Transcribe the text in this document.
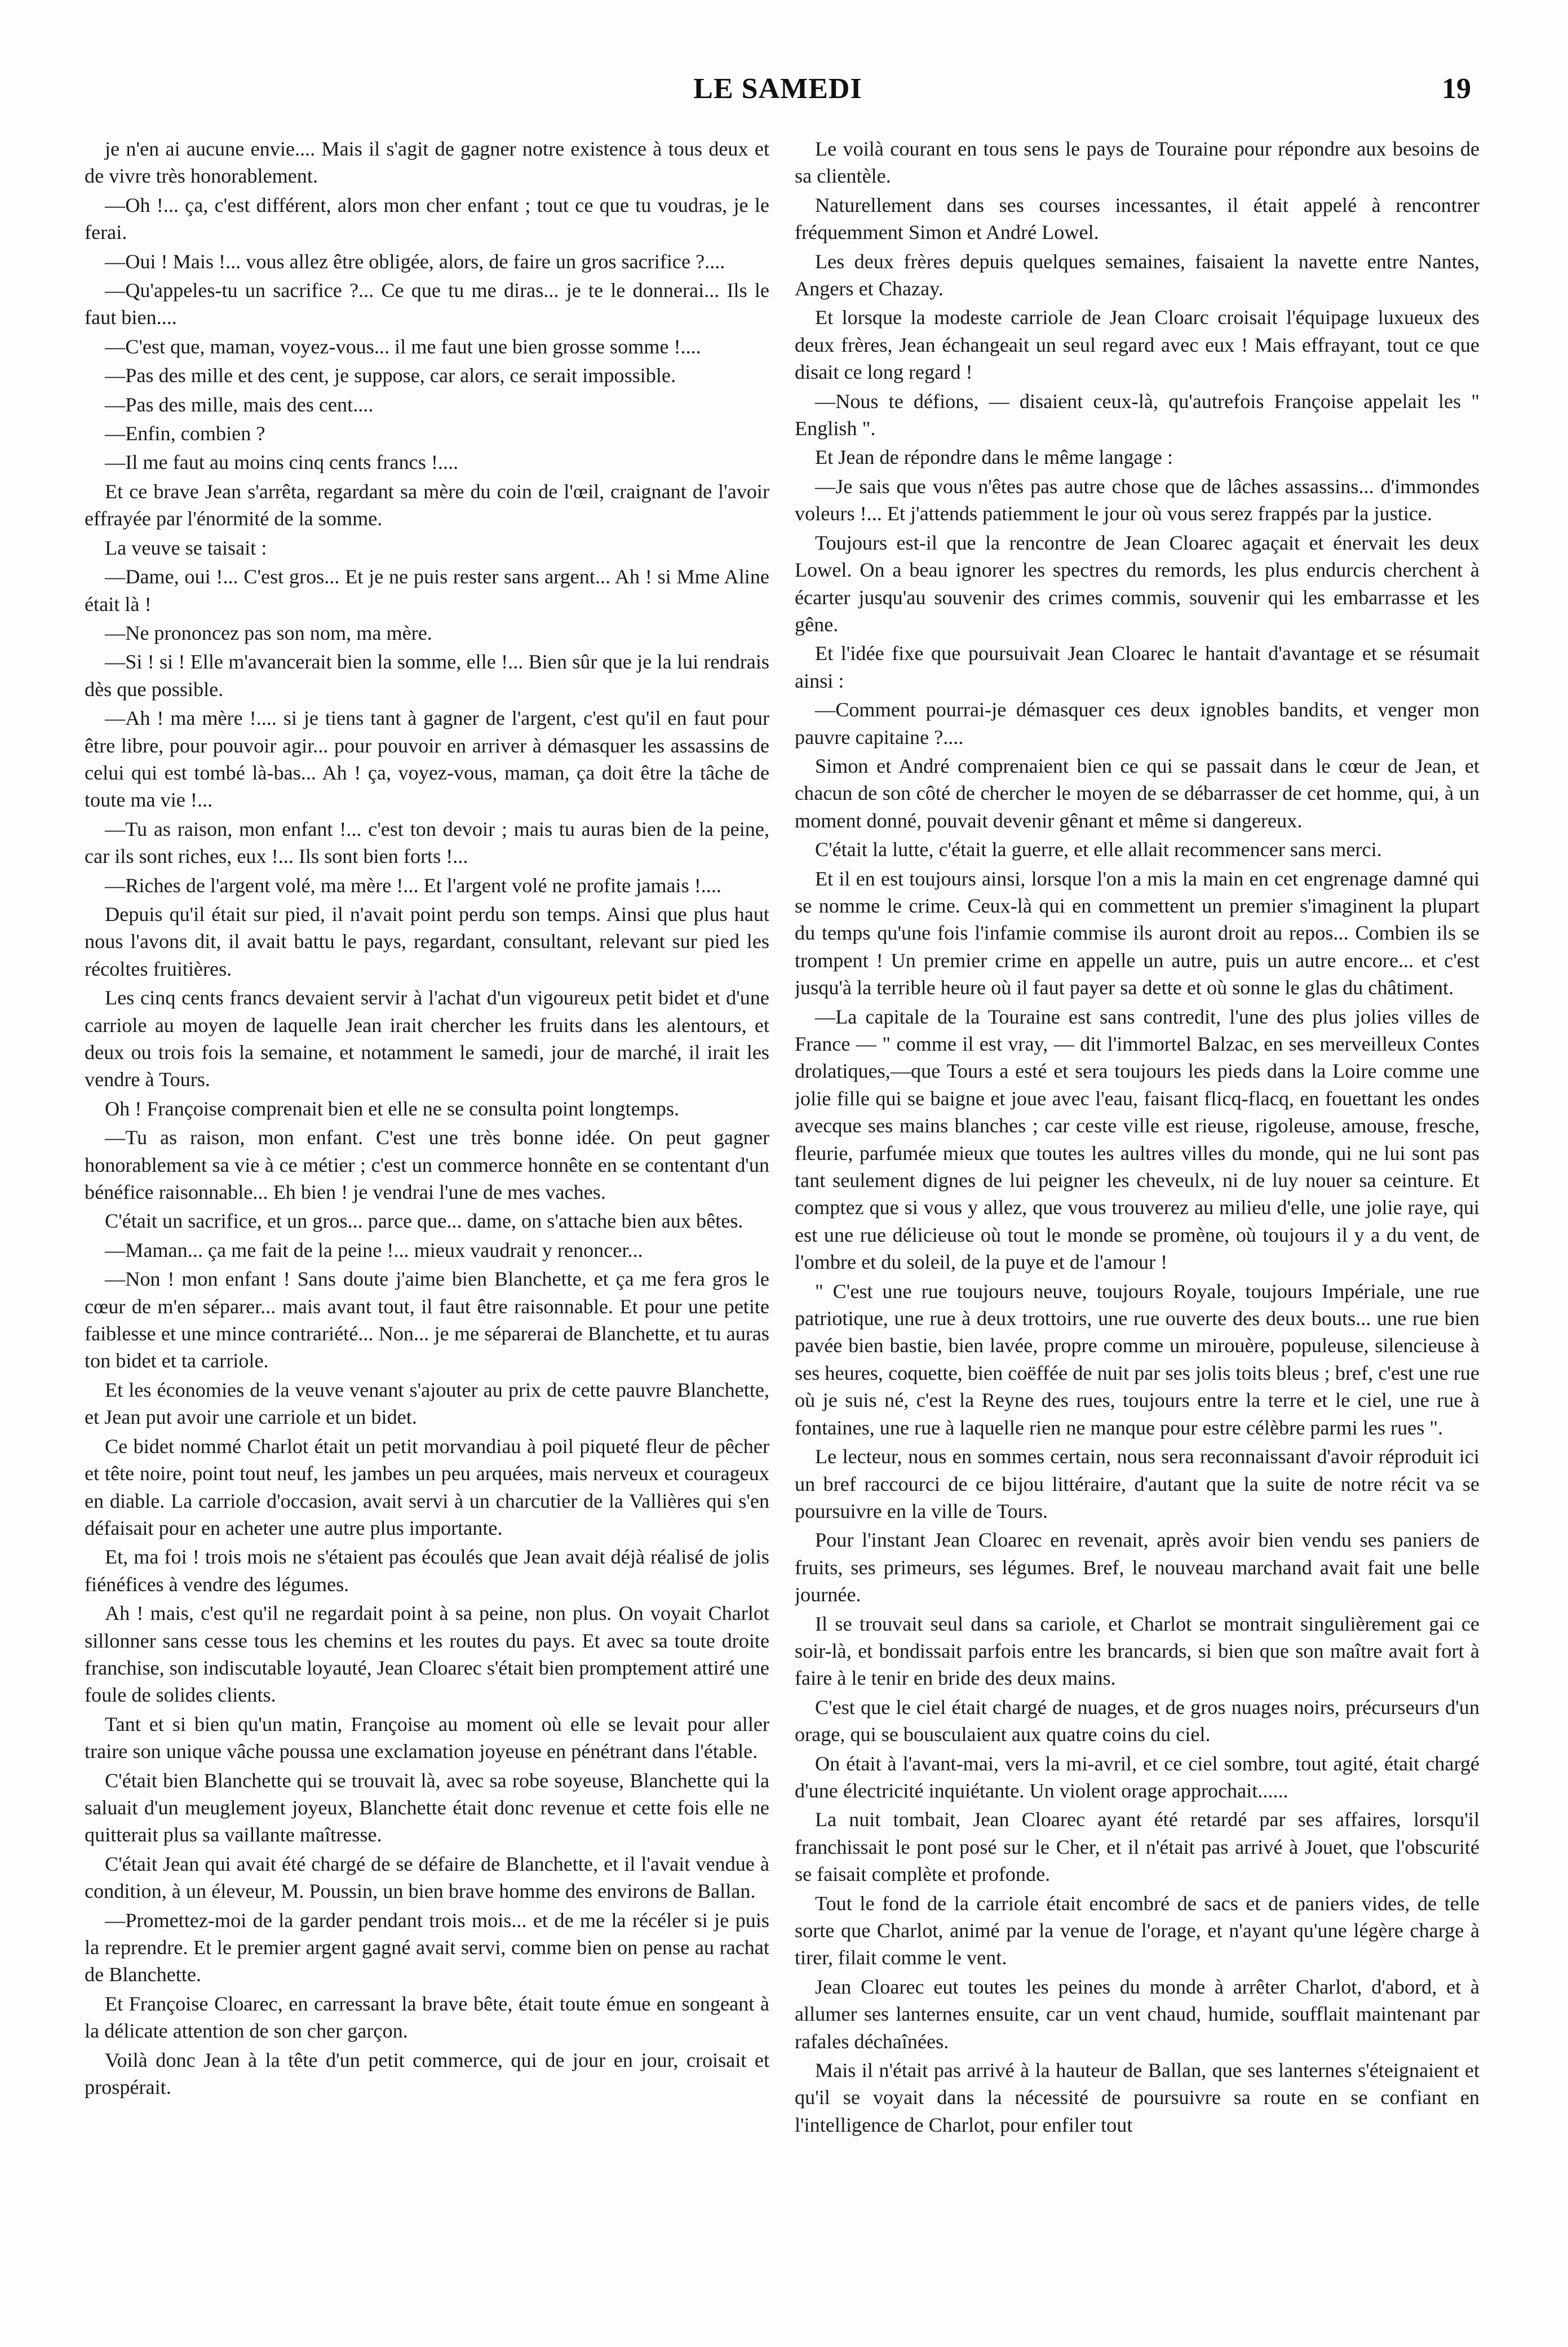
LE SAMEDI	19

je n'en ai aucune envie.... Mais il s'agit de gagner notre existence à tous deux et de vivre très honorablement.

—Oh !... ça, c'est différent, alors mon cher enfant ; tout ce que tu voudras, je le ferai.

—Oui ! Mais !... vous allez être obligée, alors, de faire un gros sacrifice ?....

—Qu'appeles-tu un sacrifice ?... Ce que tu me diras... je te le donnerai... Ils le faut bien....

—C'est que, maman, voyez-vous... il me faut une bien grosse somme !....

—Pas des mille et des cent, je suppose, car alors, ce serait impossible.

—Pas des mille, mais des cent....

—Enfin, combien ?

—Il me faut au moins cinq cents francs !....

Et ce brave Jean s'arrêta, regardant sa mère du coin de l'œil, craignant de l'avoir effrayée par l'énormité de la somme.

La veuve se taisait :

—Dame, oui !... C'est gros... Et je ne puis rester sans argent... Ah ! si Mme Aline était là !

—Ne prononcez pas son nom, ma mère.

—Si ! si ! Elle m'avancerait bien la somme, elle !... Bien sûr que je la lui rendrais dès que possible.

—Ah ! ma mère !.... si je tiens tant à gagner de l'argent, c'est qu'il en faut pour être libre, pour pouvoir agir... pour pouvoir en arriver à démasquer les assassins de celui qui est tombé là-bas... Ah ! ça, voyez-vous, maman, ça doit être la tâche de toute ma vie !...

—Tu as raison, mon enfant !... c'est ton devoir ; mais tu auras bien de la peine, car ils sont riches, eux !... Ils sont bien forts !...

—Riches de l'argent volé, ma mère !... Et l'argent volé ne profite jamais !....

Depuis qu'il était sur pied, il n'avait point perdu son temps. Ainsi que plus haut nous l'avons dit, il avait battu le pays, regardant, consultant, relevant sur pied les récoltes fruitières.

Les cinq cents francs devaient servir à l'achat d'un vigoureux petit bidet et d'une carriole au moyen de laquelle Jean irait chercher les fruits dans les alentours, et deux ou trois fois la semaine, et notamment le samedi, jour de marché, il irait les vendre à Tours.

Oh ! Françoise comprenait bien et elle ne se consulta point longtemps.

—Tu as raison, mon enfant. C'est une très bonne idée. On peut gagner honorablement sa vie à ce métier ; c'est un commerce honnête en se contentant d'un bénéfice raisonnable... Eh bien ! je vendrai l'une de mes vaches.

C'était un sacrifice, et un gros... parce que... dame, on s'attache bien aux bêtes.

—Maman... ça me fait de la peine !... mieux vaudrait y renoncer...

—Non ! mon enfant ! Sans doute j'aime bien Blanchette, et ça me fera gros le cœur de m'en séparer... mais avant tout, il faut être raisonnable. Et pour une petite faiblesse et une mince contrariété... Non... je me séparerai de Blanchette, et tu auras ton bidet et ta carriole.

Et les économies de la veuve venant s'ajouter au prix de cette pauvre Blanchette, et Jean put avoir une carriole et un bidet.

Ce bidet nommé Charlot était un petit morvandiau à poil piqueté fleur de pêcher et tête noire, point tout neuf, les jambes un peu arquées, mais nerveux et courageux en diable. La carriole d'occasion, avait servi à un charcutier de la Vallières qui s'en défaisait pour en acheter une autre plus importante.

Et, ma foi ! trois mois ne s'étaient pas écoulés que Jean avait déjà réalisé de jolis fiénéfices à vendre des légumes.

Ah ! mais, c'est qu'il ne regardait point à sa peine, non plus. On voyait Charlot sillonner sans cesse tous les chemins et les routes du pays. Et avec sa toute droite franchise, son indiscutable loyauté, Jean Cloarec s'était bien promptement attiré une foule de solides clients.

Tant et si bien qu'un matin, Françoise au moment où elle se levait pour aller traire son unique vâche poussa une exclamation joyeuse en pénétrant dans l'étable.

C'était bien Blanchette qui se trouvait là, avec sa robe soyeuse, Blanchette qui la saluait d'un meuglement joyeux, Blanchette était donc revenue et cette fois elle ne quitterait plus sa vaillante maîtresse.

C'était Jean qui avait été chargé de se défaire de Blanchette, et il l'avait vendue à condition, à un éleveur, M. Poussin, un bien brave homme des environs de Ballan.

—Promettez-moi de la garder pendant trois mois... et de me la récéler si je puis la reprendre. Et le premier argent gagné avait servi, comme bien on pense au rachat de Blanchette.

Et Françoise Cloarec, en carressant la brave bête, était toute émue en songeant à la délicate attention de son cher garçon.

Voilà donc Jean à la tête d'un petit commerce, qui de jour en jour, croisait et prospérait.

Le voilà courant en tous sens le pays de Touraine pour répondre aux besoins de sa clientèle.

Naturellement dans ses courses incessantes, il était appelé à rencontrer fréquemment Simon et André Lowel.

Les deux frères depuis quelques semaines, faisaient la navette entre Nantes, Angers et Chazay.

Et lorsque la modeste carriole de Jean Cloarc croisait l'équipage luxueux des deux frères, Jean échangeait un seul regard avec eux ! Mais effrayant, tout ce que disait ce long regard !

—Nous te défions, — disaient ceux-là, qu'autrefois Françoise appelait les " English ".

Et Jean de répondre dans le même langage :

—Je sais que vous n'êtes pas autre chose que de lâches assassins... d'immondes voleurs !... Et j'attends patiemment le jour où vous serez frappés par la justice.

Toujours est-il que la rencontre de Jean Cloarec agaçait et énervait les deux Lowel. On a beau ignorer les spectres du remords, les plus endurcis cherchent à écarter jusqu'au souvenir des crimes commis, souvenir qui les embarrasse et les gêne.

Et l'idée fixe que poursuivait Jean Cloarec le hantait d'avantage et se résumait ainsi :

—Comment pourrai-je démasquer ces deux ignobles bandits, et venger mon pauvre capitaine ?....

Simon et André comprenaient bien ce qui se passait dans le cœur de Jean, et chacun de son côté de chercher le moyen de se débarrasser de cet homme, qui, à un moment donné, pouvait devenir gênant et même si dangereux.

C'était la lutte, c'était la guerre, et elle allait recommencer sans merci.

Et il en est toujours ainsi, lorsque l'on a mis la main en cet engrenage damné qui se nomme le crime. Ceux-là qui en commettent un premier s'imaginent la plupart du temps qu'une fois l'infamie commise ils auront droit au repos... Combien ils se trompent ! Un premier crime en appelle un autre, puis un autre encore... et c'est jusqu'à la terrible heure où il faut payer sa dette et où sonne le glas du châtiment.

—La capitale de la Touraine est sans contredit, l'une des plus jolies villes de France — " comme il est vray, — dit l'immortel Balzac, en ses merveilleux Contes drolatiques,—que Tours a esté et sera toujours les pieds dans la Loire comme une jolie fille qui se baigne et joue avec l'eau, faisant flicq-flacq, en fouettant les ondes avecque ses mains blanches ; car ceste ville est rieuse, rigoleuse, amouse, fresche, fleurie, parfumée mieux que toutes les aultres villes du monde, qui ne lui sont pas tant seulement dignes de lui peigner les cheveulx, ni de luy nouer sa ceinture. Et comptez que si vous y allez, que vous trouverez au milieu d'elle, une jolie raye, qui est une rue délicieuse où tout le monde se promène, où toujours il y a du vent, de l'ombre et du soleil, de la puye et de l'amour !

" C'est une rue toujours neuve, toujours Royale, toujours Impériale, une rue patriotique, une rue à deux trottoirs, une rue ouverte des deux bouts... une rue bien pavée bien bastie, bien lavée, propre comme un mirouère, populeuse, silencieuse à ses heures, coquette, bien coëffée de nuit par ses jolis toits bleus ; bref, c'est une rue où je suis né, c'est la Reyne des rues, toujours entre la terre et le ciel, une rue à fontaines, une rue à laquelle rien ne manque pour estre célèbre parmi les rues ".

Le lecteur, nous en sommes certain, nous sera reconnaissant d'avoir réproduit ici un bref raccourci de ce bijou littéraire, d'autant que la suite de notre récit va se poursuivre en la ville de Tours.

Pour l'instant Jean Cloarec en revenait, après avoir bien vendu ses paniers de fruits, ses primeurs, ses légumes. Bref, le nouveau marchand avait fait une belle journée.

Il se trouvait seul dans sa cariole, et Charlot se montrait singulièrement gai ce soir-là, et bondissait parfois entre les brancards, si bien que son maître avait fort à faire à le tenir en bride des deux mains.

C'est que le ciel était chargé de nuages, et de gros nuages noirs, précurseurs d'un orage, qui se bousculaient aux quatre coins du ciel.

On était à l'avant-mai, vers la mi-avril, et ce ciel sombre, tout agité, était chargé d'une électricité inquiétante. Un violent orage approchait......

La nuit tombait, Jean Cloarec ayant été retardé par ses affaires, lorsqu'il franchissait le pont posé sur le Cher, et il n'était pas arrivé à Jouet, que l'obscurité se faisait complète et profonde.

Tout le fond de la carriole était encombré de sacs et de paniers vides, de telle sorte que Charlot, animé par la venue de l'orage, et n'ayant qu'une légère charge à tirer, filait comme le vent.

Jean Cloarec eut toutes les peines du monde à arrêter Charlot, d'abord, et à allumer ses lanternes ensuite, car un vent chaud, humide, soufflait maintenant par rafales déchaînées.

Mais il n'était pas arrivé à la hauteur de Ballan, que ses lanternes s'éteignaient et qu'il se voyait dans la nécessité de poursuivre sa route en se confiant en l'intelligence de Charlot, pour enfiler tout
